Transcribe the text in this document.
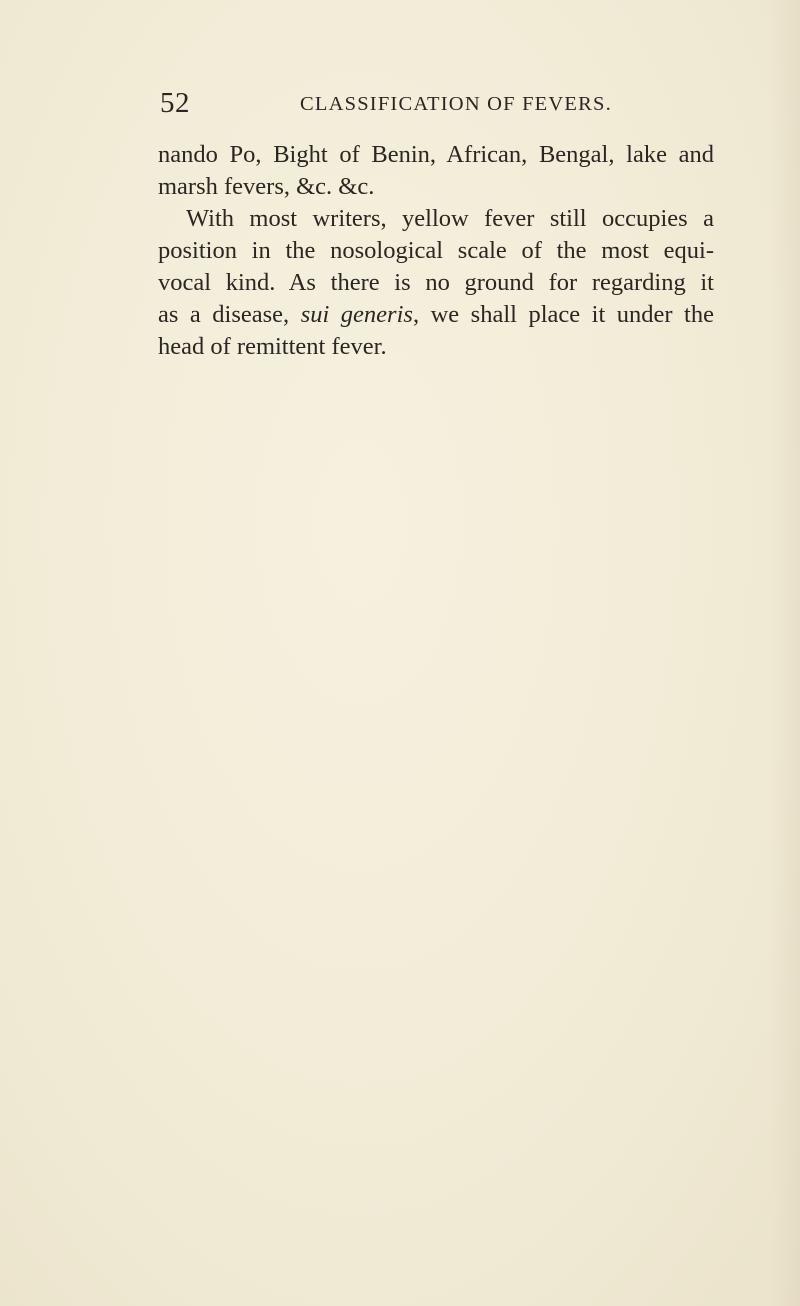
52	CLASSIFICATION OF FEVERS.
nando Po, Bight of Benin, African, Bengal, lake and
marsh fevers, &c. &c.
With most writers, yellow fever still occupies a
position in the nosological scale of the most equi-
vocal kind. As there is no ground for regarding it
as a disease, sui generis, we shall place it under the
head of remittent fever.
